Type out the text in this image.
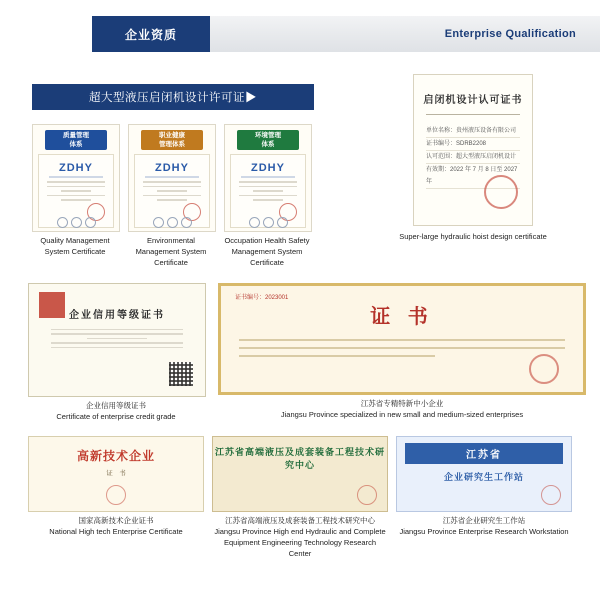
企业资质	Enterprise Qualification
超大型液压启闭机设计许可证▶
质量管理
体系
ZDHY
Quality Management System Certificate
职业健康
管理体系
ZDHY
Environmental Management System Certificate
环境管理
体系
ZDHY
Occupation Health Safety Management System Certificate
启闭机设计认可证书
单位名称：贵州液压设备有限公司
证书编号：SDRB2208
认可范围：超大型液压启闭机设计
有效期：2022 年 7 月 8 日至 2027 年
Super-large hydraulic hoist design certificate
企业信用等级证书
企业信用等级证书
Certificate of enterprise credit grade
证书编号：2023001
证 书
江苏省专精特新中小企业
Jiangsu Province specialized in new small and medium-sized enterprises
高新技术企业
证　书
国家高新技术企业证书
National High tech Enterprise Certificate
江苏省高端液压及成套装备工程技术研究中心
江苏省高端液压及成套装备工程技术研究中心
Jiangsu Province High end Hydraulic and Complete Equipment Engineering Technology Research Center
江苏省
企业研究生工作站
江苏省企业研究生工作站
Jiangsu Province Enterprise Research Workstation
